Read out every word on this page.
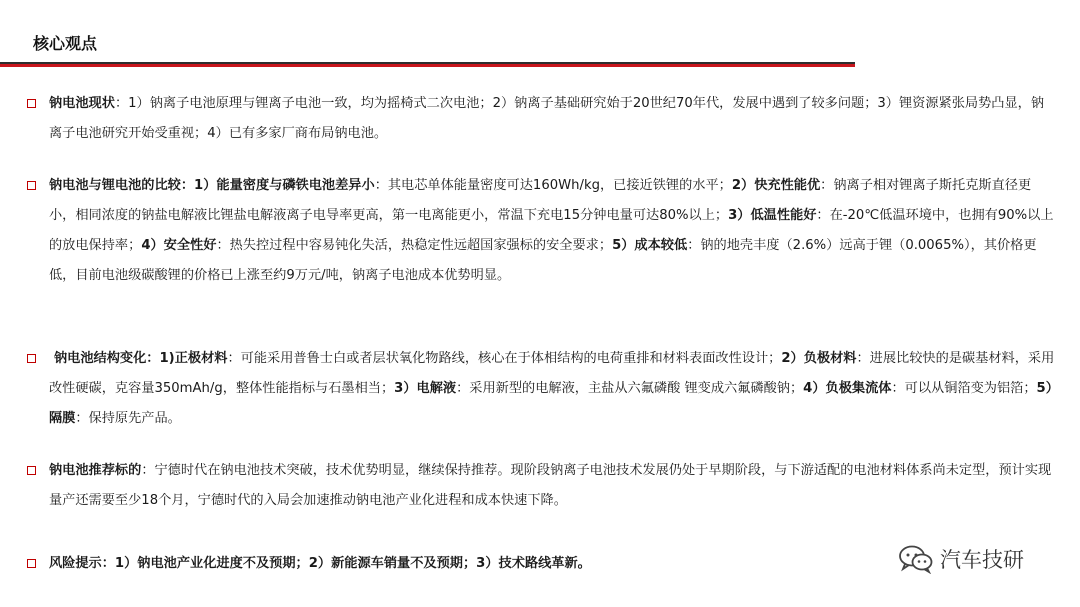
核心观点
钠电池现状：1）钠离子电池原理与锂离子电池一致，均为摇椅式二次电池；2）钠离子基础研究始于20世纪70年代，发展中遇到了较多问题；3）锂资源紧张局势凸显，钠离子电池研究开始受重视；4）已有多家厂商布局钠电池。
钠电池与锂电池的比较：1）能量密度与磷铁电池差异小：其电芯单体能量密度可达160Wh/kg，已接近铁锂的水平；2）快充性能优：钠离子相对锂离子斯托克斯直径更小，相同浓度的钠盐电解液比锂盐电解液离子电导率更高，第一电离能更小，常温下充电15分钟电量可达80%以上；3）低温性能好：在-20℃低温环境中，也拥有90%以上的放电保持率；4）安全性好：热失控过程中容易钝化失活，热稳定性远超国家强标的安全要求；5）成本较低：钠的地壳丰度（2.6%）远高于锂（0.0065%），其价格更低，目前电池级碳酸锂的价格已上涨至约9万元/吨，钠离子电池成本优势明显。
钠电池结构变化：1)正极材料：可能采用普鲁士白或者层状氧化物路线，核心在于体相结构的电荷重排和材料表面改性设计；2）负极材料：进展比较快的是碳基材料，采用改性硬碳，克容量350mAh/g，整体性能指标与石墨相当；3）电解液：采用新型的电解液，主盐从六氟磷酸 锂变成六氟磷酸钠；4）负极集流体：可以从铜箔变为铝箔；5）隔膜：保持原先产品。
钠电池推荐标的：宁德时代在钠电池技术突破，技术优势明显，继续保持推荐。现阶段钠离子电池技术发展仍处于早期阶段，与下游适配的电池材料体系尚未定型，预计实现量产还需要至少18个月，宁德时代的入局会加速推动钠电池产业化进程和成本快速下降。
风险提示：1）钠电池产业化进度不及预期；2）新能源车销量不及预期；3）技术路线革新。	汽车技研
